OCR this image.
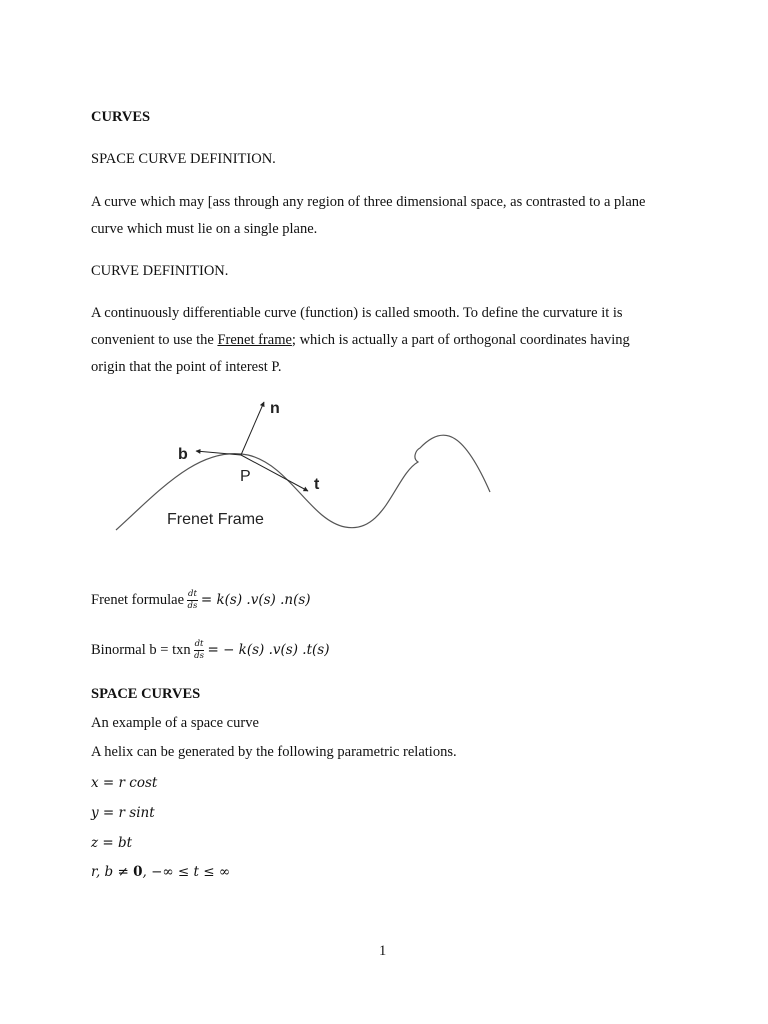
CURVES
SPACE CURVE DEFINITION.
A curve which may [ass through any region of three dimensional space, as contrasted to a plane
curve which must lie on a single plane.
CURVE DEFINITION.
A continuously differentiable curve (function) is called smooth. To define the curvature it is
convenient to use the Frenet frame; which is actually a part of orthogonal coordinates having
origin that the point of interest P.
n
b
P	t
Frenet Frame
Frenet formulae $\frac{dt}{ds} = k(s)$ .v(s) .n(s)
Binormal b = txn $\frac{dt}{ds}$ = − k(s) .v(s) .t(s)
SPACE CURVES
An example of a space curve
A helix can be generated by the following parametric relations.
x = r cost
y = r sint
z = bt
r, b ≠ 0, −∞ ≤ t ≤ ∞
1
